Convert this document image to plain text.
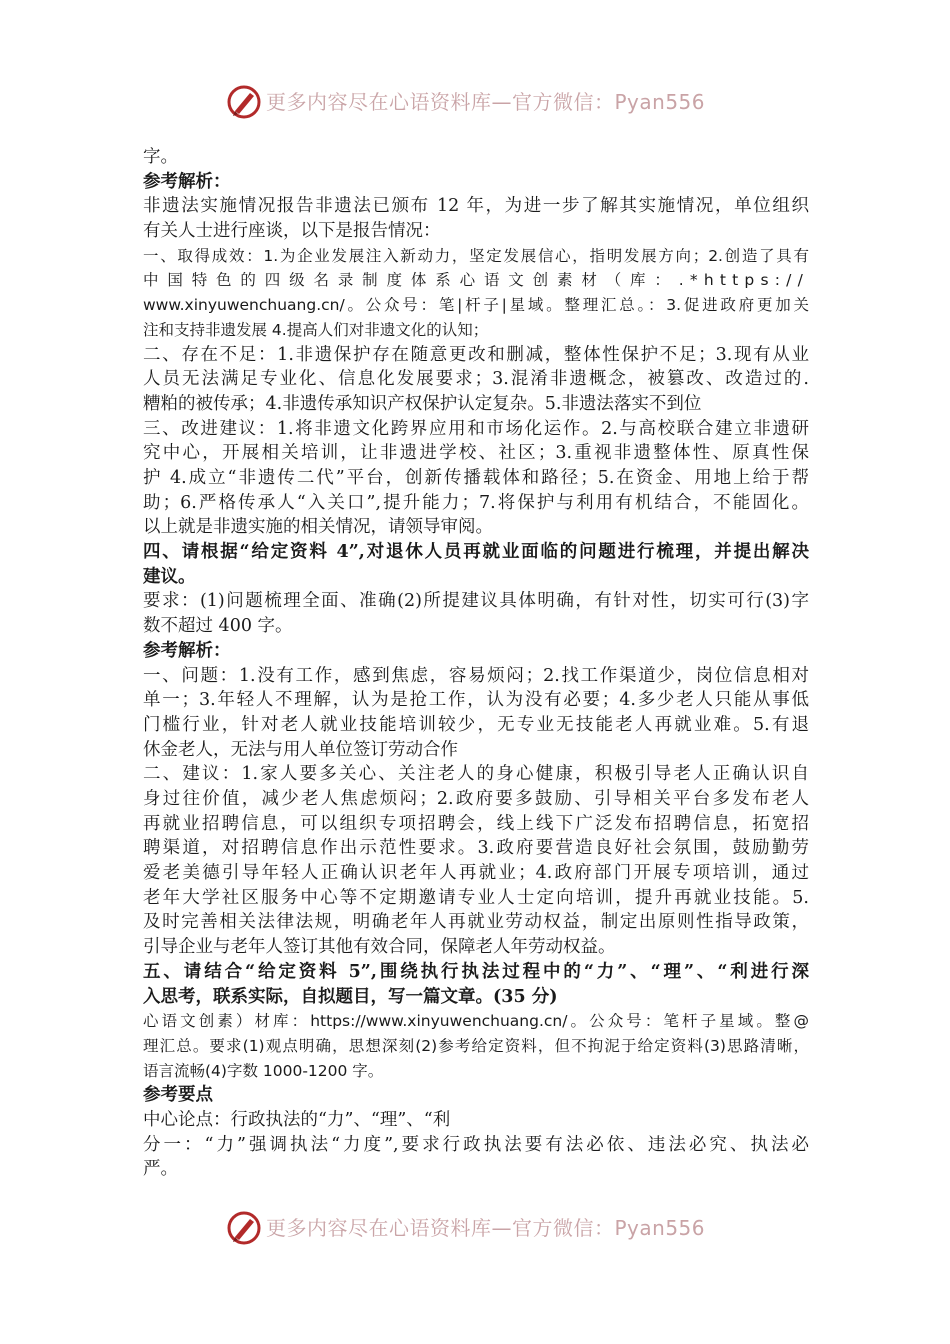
更多内容尽在心语资料库—官方微信：Pyan556
字。
参考解析：
非遗法实施情况报告非遗法已颁布 12 年，为进一步了解其实施情况，单位组织
有关人士进行座谈，以下是报告情况：
一、取得成效：1.为企业发展注入新动力，坚定发展信心，指明发展方向；2.创造了具有
中国特色的四级名录制度体系心语文创素材（库：.*https://
www.xinyuwenchuang.cn/。公众号：笔|杆子|星域。整理汇总。：3.促进政府更加关
注和支持非遗发展 4.提高人们对非遗文化的认知；
二、存在不足：1.非遗保护存在随意更改和删减，整体性保护不足；3.现有从业
人员无法满足专业化、信息化发展要求；3.混淆非遗概念，被篡改、改造过的.
糟粕的被传承；4.非遗传承知识产权保护认定复杂。5.非遗法落实不到位
三、改进建议：1.将非遗文化跨界应用和市场化运作。2.与高校联合建立非遗研
究中心，开展相关培训，让非遗进学校、社区；3.重视非遗整体性、原真性保
护 4.成立“非遗传二代”平台，创新传播载体和路径；5.在资金、用地上给于帮
助；6.严格传承人“入关口”,提升能力；7.将保护与利用有机结合，不能固化。
以上就是非遗实施的相关情况，请领导审阅。
四、请根据“给定资料 4”,对退休人员再就业面临的问题进行梳理，并提出解决
建议。
要求：(1)问题梳理全面、准确(2)所提建议具体明确，有针对性，切实可行(3)字
数不超过 400 字。
参考解析：
一、问题：1.没有工作，感到焦虑，容易烦闷；2.找工作渠道少，岗位信息相对
单一；3.年轻人不理解，认为是抢工作，认为没有必要；4.多少老人只能从事低
门槛行业，针对老人就业技能培训较少，无专业无技能老人再就业难。5.有退
休金老人，无法与用人单位签订劳动合作
二、建议：1.家人要多关心、关注老人的身心健康，积极引导老人正确认识自
身过往价值，减少老人焦虑烦闷；2.政府要多鼓励、引导相关平台多发布老人
再就业招聘信息，可以组织专项招聘会，线上线下广泛发布招聘信息，拓宽招
聘渠道，对招聘信息作出示范性要求。3.政府要营造良好社会氛围，鼓励勤劳
爱老美德引导年轻人正确认识老年人再就业；4.政府部门开展专项培训，通过
老年大学社区服务中心等不定期邀请专业人士定向培训，提升再就业技能。5.
及时完善相关法律法规，明确老年人再就业劳动权益，制定出原则性指导政策，
引导企业与老年人签订其他有效合同，保障老人年劳动权益。
五、请结合“给定资料 5”,围绕执行执法过程中的“力”、“理”、“利进行深
入思考，联系实际，自拟题目，写一篇文章。(35 分)
心语文创素）材库：https://www.xinyuwenchuang.cn/。公众号：笔杆子星域。整@
理汇总。要求(1)观点明确，思想深刻(2)参考给定资料，但不拘泥于给定资料(3)思路清晰，
语言流畅(4)字数 1000-1200 字。
参考要点
中心论点：行政执法的“力”、“理”、“利
分一：“力”强调执法“力度”,要求行政执法要有法必依、违法必究、执法必
严。
更多内容尽在心语资料库—官方微信：Pyan556
